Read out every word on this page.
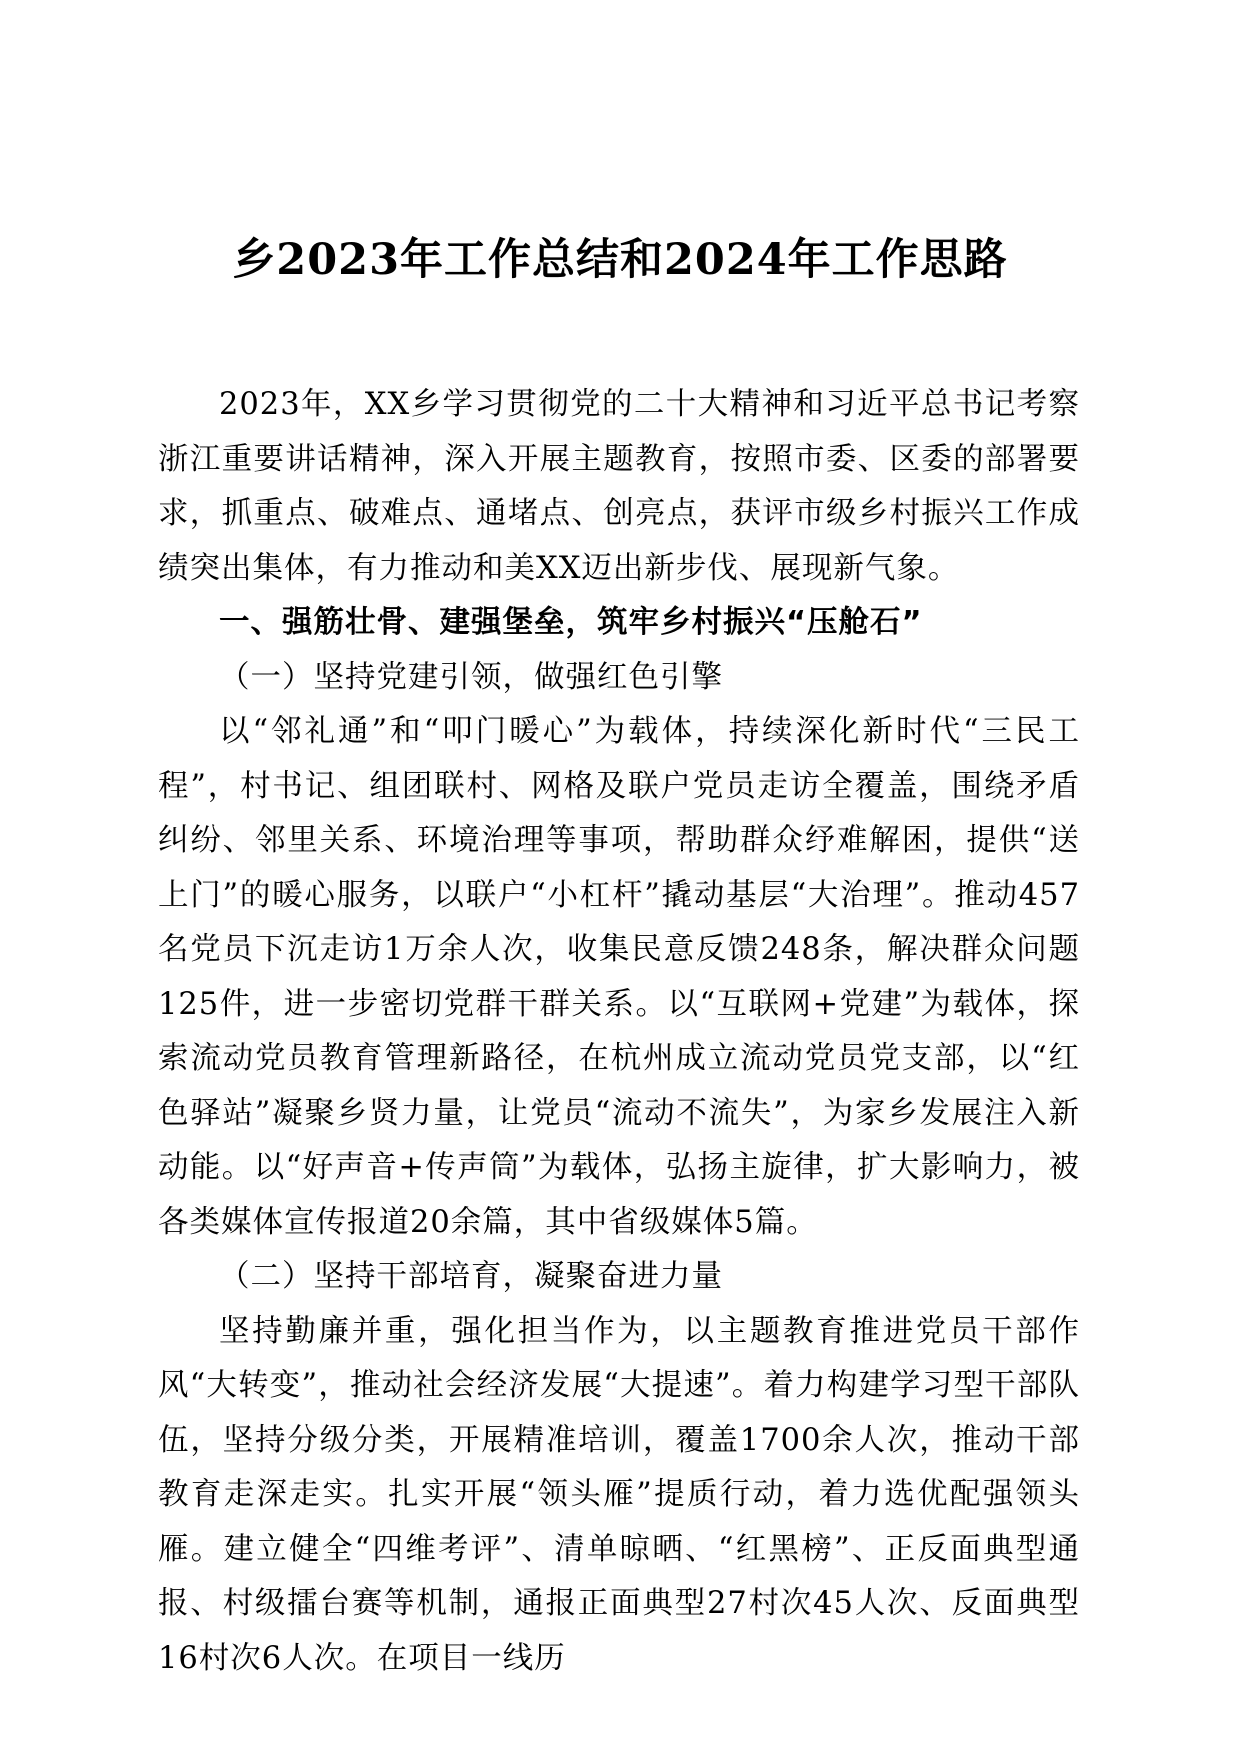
乡2023年工作总结和2024年工作思路

2023年，XX乡学习贯彻党的二十大精神和习近平总书记考察浙江重要讲话精神，深入开展主题教育，按照市委、区委的部署要求，抓重点、破难点、通堵点、创亮点，获评市级乡村振兴工作成绩突出集体，有力推动和美XX迈出新步伐、展现新气象。

一、强筋壮骨、建强堡垒，筑牢乡村振兴“压舱石”

（一）坚持党建引领，做强红色引擎

以“邻礼通”和“叩门暖心”为载体，持续深化新时代“三民工程”，村书记、组团联村、网格及联户党员走访全覆盖，围绕矛盾纠纷、邻里关系、环境治理等事项，帮助群众纾难解困，提供“送上门”的暖心服务，以联户“小杠杆”撬动基层“大治理”。推动457名党员下沉走访1万余人次，收集民意反馈248条，解决群众问题125件，进一步密切党群干群关系。以“互联网+党建”为载体，探索流动党员教育管理新路径，在杭州成立流动党员党支部，以“红色驿站”凝聚乡贤力量，让党员“流动不流失”，为家乡发展注入新动能。以“好声音+传声筒”为载体，弘扬主旋律，扩大影响力，被各类媒体宣传报道20余篇，其中省级媒体5篇。

（二）坚持干部培育，凝聚奋进力量

坚持勤廉并重，强化担当作为，以主题教育推进党员干部作风“大转变”，推动社会经济发展“大提速”。着力构建学习型干部队伍，坚持分级分类，开展精准培训，覆盖1700余人次，推动干部教育走深走实。扎实开展“领头雁”提质行动，着力选优配强领头雁。建立健全“四维考评”、清单晾晒、“红黑榜”、正反面典型通报、村级擂台赛等机制，通报正面典型27村次45人次、反面典型16村次6人次。在项目一线历
